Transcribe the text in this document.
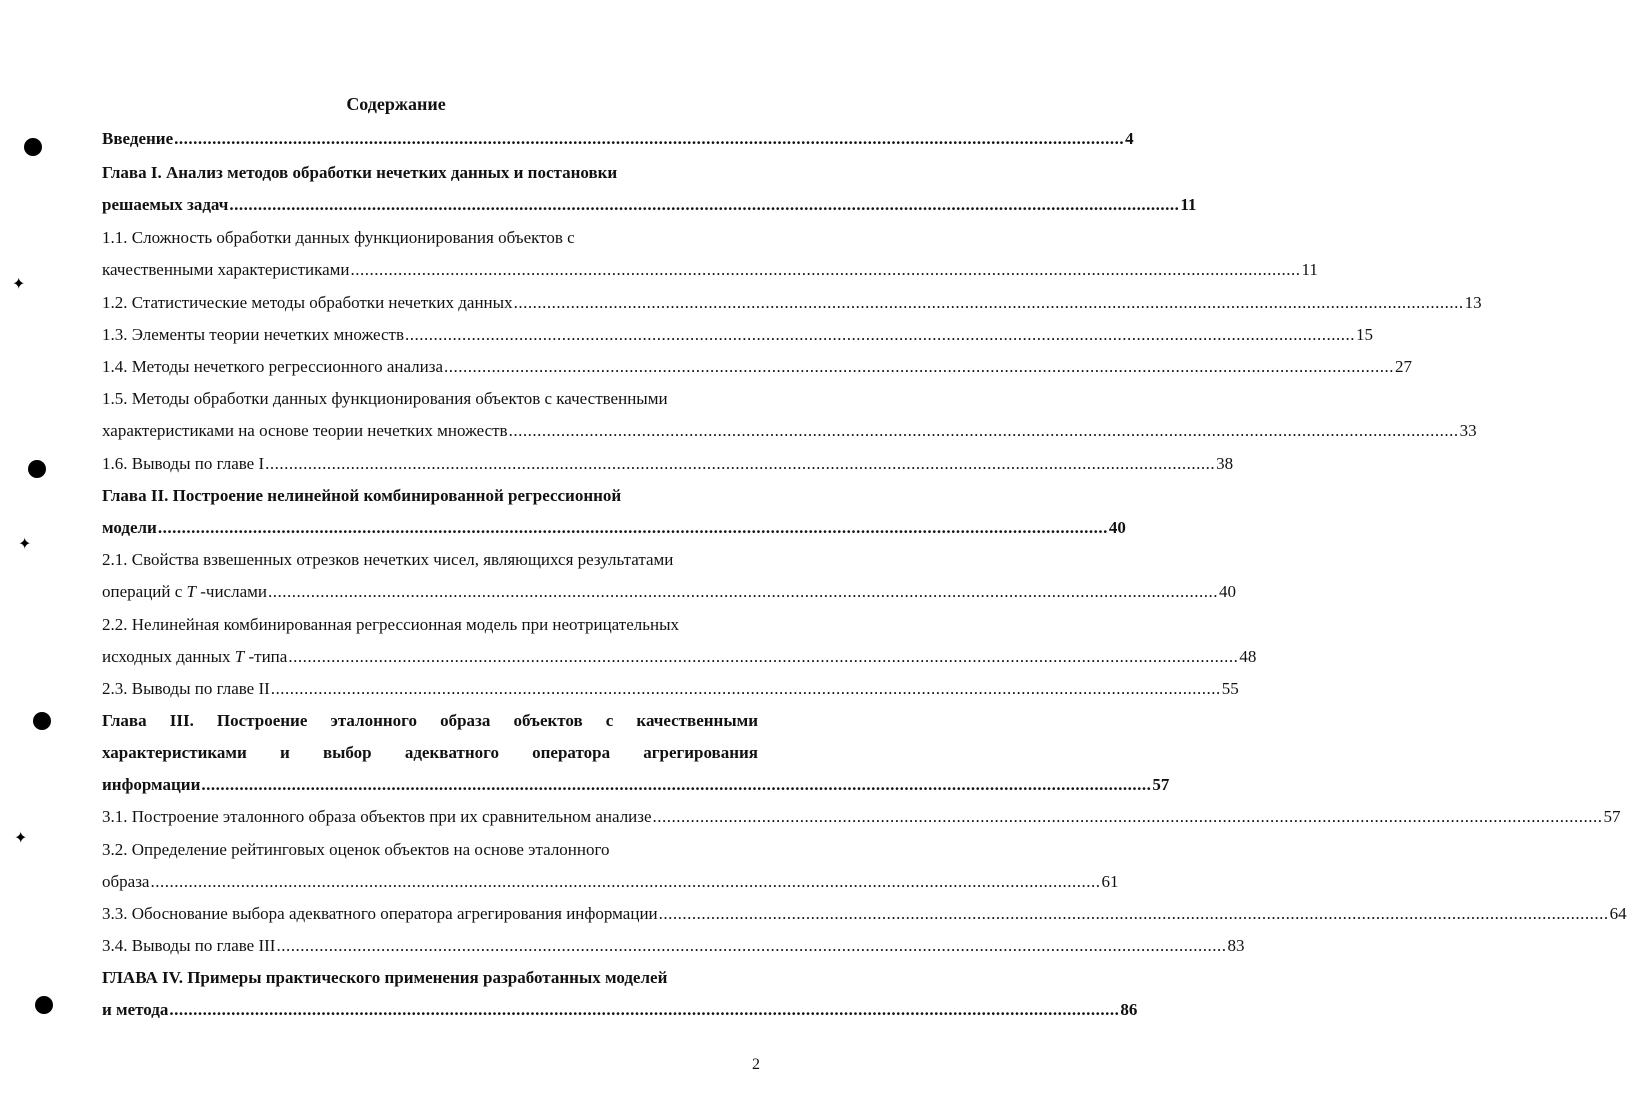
Содержание
Введение ........................................................................................................................................................................................................ 4
Глава I. Анализ методов обработки нечетких данных и постановки
решаемых задач ........................................................................................................................................................................................................ 11
1.1. Сложность обработки данных функционирования объектов с
качественными характеристиками ........................................................................................................................................................................................................ 11
1.2. Статистические методы обработки нечетких данных ........................................................................................................................................................................................................ 13
1.3. Элементы теории нечетких множеств ........................................................................................................................................................................................................ 15
1.4. Методы нечеткого регрессионного анализа ........................................................................................................................................................................................................ 27
1.5. Методы обработки данных функционирования объектов с качественными
характеристиками на основе теории нечетких множеств ........................................................................................................................................................................................................ 33
1.6. Выводы по главе I ........................................................................................................................................................................................................ 38
Глава II. Построение нелинейной комбинированной регрессионной
модели ........................................................................................................................................................................................................ 40
2.1. Свойства взвешенных отрезков нечетких чисел, являющихся результатами
операций с T -числами ........................................................................................................................................................................................................ 40
2.2. Нелинейная комбинированная регрессионная модель при неотрицательных
исходных данных T -типа ........................................................................................................................................................................................................ 48
2.3. Выводы по главе II ........................................................................................................................................................................................................ 55
Глава III. Построение эталонного образа объектов с качественными
характеристиками и выбор адекватного оператора агрегирования
информации ........................................................................................................................................................................................................ 57
3.1. Построение эталонного образа объектов при их сравнительном анализе ........................................................................................................................................................................................................ 57
3.2. Определение рейтинговых оценок объектов на основе эталонного
образа ........................................................................................................................................................................................................ 61
3.3. Обоснование выбора адекватного оператора агрегирования информации ........................................................................................................................................................................................................ 64
3.4. Выводы по главе III ........................................................................................................................................................................................................ 83
ГЛАВА IV. Примеры практического применения разработанных моделей
и метода ........................................................................................................................................................................................................ 86
✦
✦
✦
2
